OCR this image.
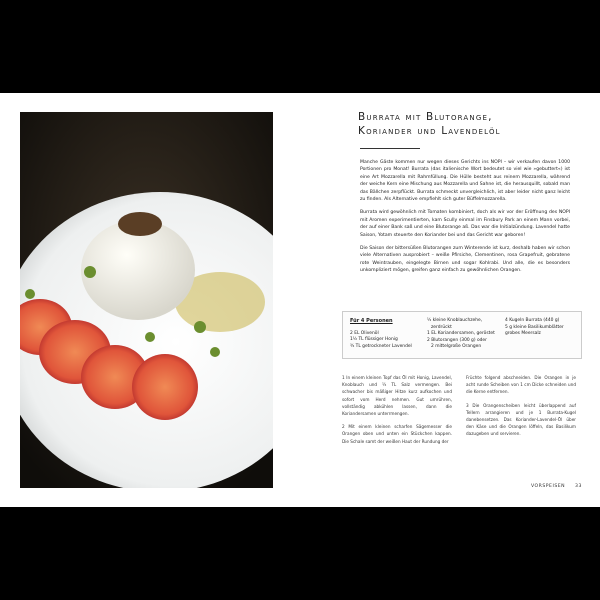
Burrata mit Blutorange,
Koriander und Lavendelöl

Manche Gäste kommen nur wegen dieses Gerichts ins NOPI – wir verkaufen davon 1000 Portionen pro Monat! Burrata (das italienische Wort bedeutet so viel wie »gebuttert«) ist eine Art Mozzarella mit Rahmfüllung. Die Hülle besteht aus reinem Mozzarella, während der weiche Kern eine Mischung aus Mozzarella und Sahne ist, die herausquillt, sobald man das Bällchen zerpflückt. Burrata schmeckt unvergleichlich, ist aber leider nicht ganz leicht zu finden. Als Alternative empfiehlt sich guter Büffelmozzarella.

Burrata wird gewöhnlich mit Tomaten kombiniert, doch als wir vor der Eröffnung des NOPI mit Aromen experimentierten, kam Scully einmal im Finsbury Park an einem Mann vorbei, der auf einer Bank saß und eine Blutorange aß. Das war die Initialzündung. Lavendel hatte Saison, Yotam steuerte den Koriander bei und das Gericht war geboren!

Die Saison der bittersüßen Blutorangen zum Winterende ist kurz, deshalb haben wir schon viele Alternativen ausprobiert – weiße Pfirsiche, Clementinen, rosa Grapefruit, gebratene rote Weintrauben, eingelegte Birnen und sogar Kohlrabi. Und alle, die es besonders unkompliziert mögen, greifen ganz einfach zu gewöhnlichen Orangen.

Für 4 Personen
2 EL Olivenöl
1½ TL flüssiger Honig
¾ TL getrockneter Lavendel
½ kleine Knoblauchzehe,
zerdrückt
1 EL Koriandersamen, geröstet
2 Blutorangen (300 g) oder
2 mittelgroße Orangen
4 Kugeln Burrata (440 g)
5 g kleine Basilikumblätter
grobes Meersalz

1 In einem kleinen Topf das Öl mit Honig, Lavendel, Knoblauch und ¼ TL Salz vermengen. Bei schwacher bis mäßiger Hitze kurz aufkochen und sofort vom Herd nehmen. Gut umrühren, vollständig abkühlen lassen, dann die Koriandersamen unterrmengen.

2 Mit einem kleinen scharfen Sägemesser die Orangen oben und unten ein Stückchen kappen. Die Schale samt der weißen Haut der Rundung der

Früchte folgend abschneiden. Die Orangen in je acht runde Scheiben von 1 cm Dicke schneiden und die Kerne entfernen.

3 Die Orangenscheiben leicht überlappend auf Tellern arrangieren und je 1 Burrata-Kugel danebensetzen. Das Koriander-Lavendel-Öl über den Käse und die Orangen löffeln, das Basilikum dazugeben und servieren.

VORSPEISEN 33
